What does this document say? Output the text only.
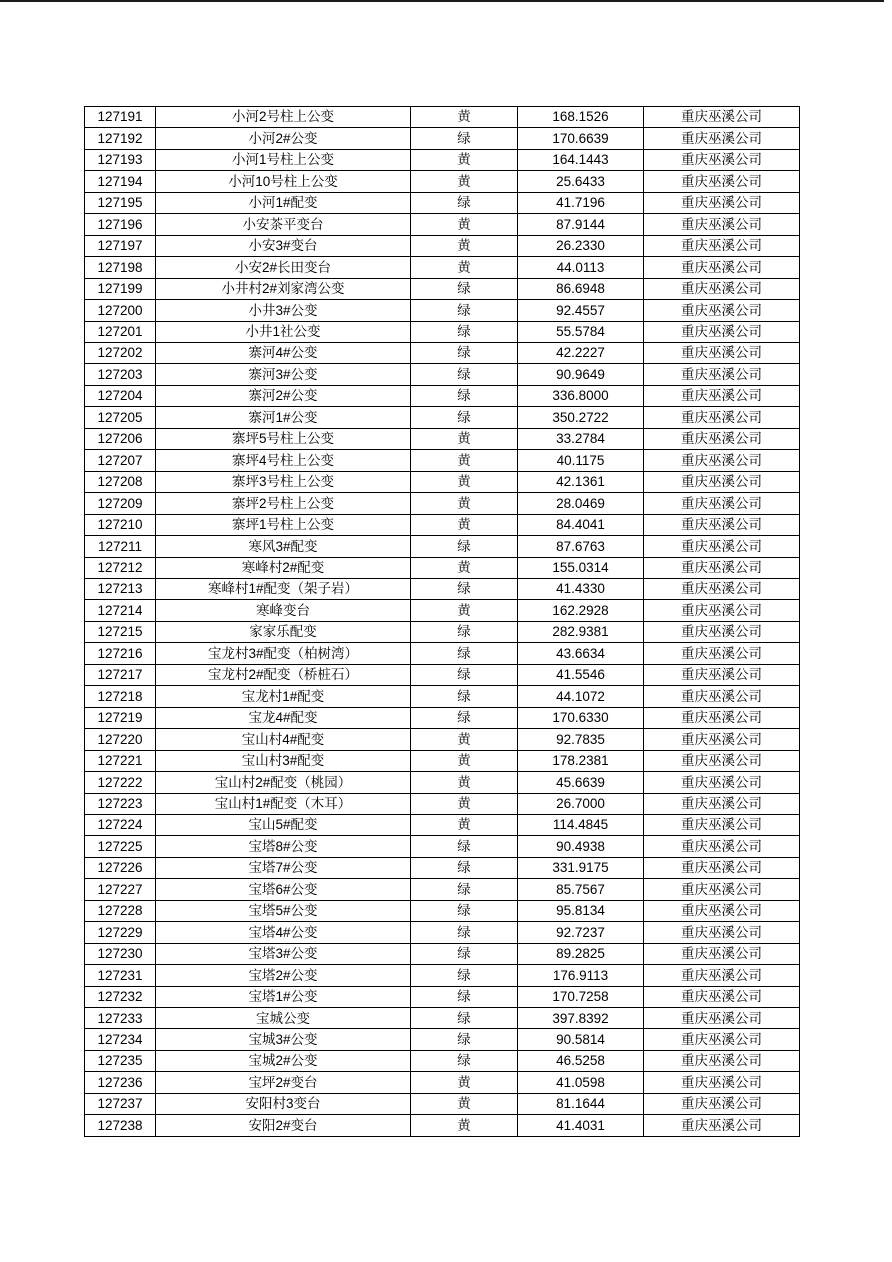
127191	小河2号柱上公变	黄	168.1526	重庆巫溪公司
127192	小河2#公变	绿	170.6639	重庆巫溪公司
127193	小河1号柱上公变	黄	164.1443	重庆巫溪公司
127194	小河10号柱上公变	黄	25.6433	重庆巫溪公司
127195	小河1#配变	绿	41.7196	重庆巫溪公司
127196	小安茶平变台	黄	87.9144	重庆巫溪公司
127197	小安3#变台	黄	26.2330	重庆巫溪公司
127198	小安2#长田变台	黄	44.0113	重庆巫溪公司
127199	小井村2#刘家湾公变	绿	86.6948	重庆巫溪公司
127200	小井3#公变	绿	92.4557	重庆巫溪公司
127201	小井1社公变	绿	55.5784	重庆巫溪公司
127202	寨河4#公变	绿	42.2227	重庆巫溪公司
127203	寨河3#公变	绿	90.9649	重庆巫溪公司
127204	寨河2#公变	绿	336.8000	重庆巫溪公司
127205	寨河1#公变	绿	350.2722	重庆巫溪公司
127206	寨坪5号柱上公变	黄	33.2784	重庆巫溪公司
127207	寨坪4号柱上公变	黄	40.1175	重庆巫溪公司
127208	寨坪3号柱上公变	黄	42.1361	重庆巫溪公司
127209	寨坪2号柱上公变	黄	28.0469	重庆巫溪公司
127210	寨坪1号柱上公变	黄	84.4041	重庆巫溪公司
127211	寒风3#配变	绿	87.6763	重庆巫溪公司
127212	寒峰村2#配变	黄	155.0314	重庆巫溪公司
127213	寒峰村1#配变（架子岩）	绿	41.4330	重庆巫溪公司
127214	寒峰变台	黄	162.2928	重庆巫溪公司
127215	家家乐配变	绿	282.9381	重庆巫溪公司
127216	宝龙村3#配变（柏树湾）	绿	43.6634	重庆巫溪公司
127217	宝龙村2#配变（桥桩石）	绿	41.5546	重庆巫溪公司
127218	宝龙村1#配变	绿	44.1072	重庆巫溪公司
127219	宝龙4#配变	绿	170.6330	重庆巫溪公司
127220	宝山村4#配变	黄	92.7835	重庆巫溪公司
127221	宝山村3#配变	黄	178.2381	重庆巫溪公司
127222	宝山村2#配变（桃园）	黄	45.6639	重庆巫溪公司
127223	宝山村1#配变（木耳）	黄	26.7000	重庆巫溪公司
127224	宝山5#配变	黄	114.4845	重庆巫溪公司
127225	宝塔8#公变	绿	90.4938	重庆巫溪公司
127226	宝塔7#公变	绿	331.9175	重庆巫溪公司
127227	宝塔6#公变	绿	85.7567	重庆巫溪公司
127228	宝塔5#公变	绿	95.8134	重庆巫溪公司
127229	宝塔4#公变	绿	92.7237	重庆巫溪公司
127230	宝塔3#公变	绿	89.2825	重庆巫溪公司
127231	宝塔2#公变	绿	176.9113	重庆巫溪公司
127232	宝塔1#公变	绿	170.7258	重庆巫溪公司
127233	宝城公变	绿	397.8392	重庆巫溪公司
127234	宝城3#公变	绿	90.5814	重庆巫溪公司
127235	宝城2#公变	绿	46.5258	重庆巫溪公司
127236	宝坪2#变台	黄	41.0598	重庆巫溪公司
127237	安阳村3变台	黄	81.1644	重庆巫溪公司
127238	安阳2#变台	黄	41.4031	重庆巫溪公司
